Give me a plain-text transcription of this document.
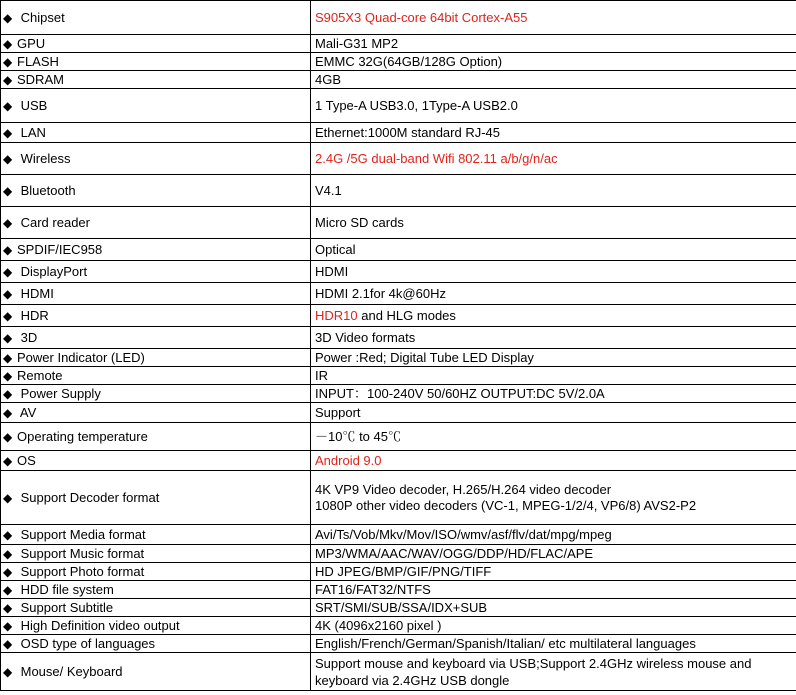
◆ Chipset	S905X3 Quad-core 64bit Cortex-A55
◆ GPU	Mali-G31 MP2
◆ FLASH	EMMC 32G(64GB/128G Option)
◆ SDRAM	4GB
◆ USB	1 Type-A USB3.0, 1Type-A USB2.0
◆ LAN	Ethernet:1000M standard RJ-45
◆ Wireless	2.4G /5G dual-band Wifi 802.11 a/b/g/n/ac
◆ Bluetooth	V4.1
◆ Card reader	Micro SD cards
◆ SPDIF/IEC958	Optical
◆ DisplayPort	HDMI
◆ HDMI	HDMI 2.1for 4k@60Hz
◆ HDR	HDR10 and HLG modes
◆ 3D	3D Video formats
◆ Power Indicator (LED)	Power :Red; Digital Tube LED Display
◆ Remote	IR
◆ Power Supply	INPUT：100-240V 50/60HZ OUTPUT:DC 5V/2.0A
◆ AV	Support
◆ Operating temperature	－10℃ to 45℃
◆ OS	Android 9.0
◆ Support Decoder format	4K VP9 Video decoder, H.265/H.264 video decoder
1080P other video decoders (VC-1, MPEG-1/2/4, VP6/8) AVS2-P2

◆ Support Media format	Avi/Ts/Vob/Mkv/Mov/ISO/wmv/asf/flv/dat/mpg/mpeg
◆ Support Music format	MP3/WMA/AAC/WAV/OGG/DDP/HD/FLAC/APE
◆ Support Photo format	HD JPEG/BMP/GIF/PNG/TIFF
◆ HDD file system	FAT16/FAT32/NTFS
◆ Support Subtitle	SRT/SMI/SUB/SSA/IDX+SUB
◆ High Definition video output	4K (4096x2160 pixel )
◆ OSD type of languages	English/French/German/Spanish/Italian/ etc multilateral languages
◆ Mouse/ Keyboard	Support mouse and keyboard via USB;Support 2.4GHz wireless mouse and keyboard via 2.4GHz USB dongle
